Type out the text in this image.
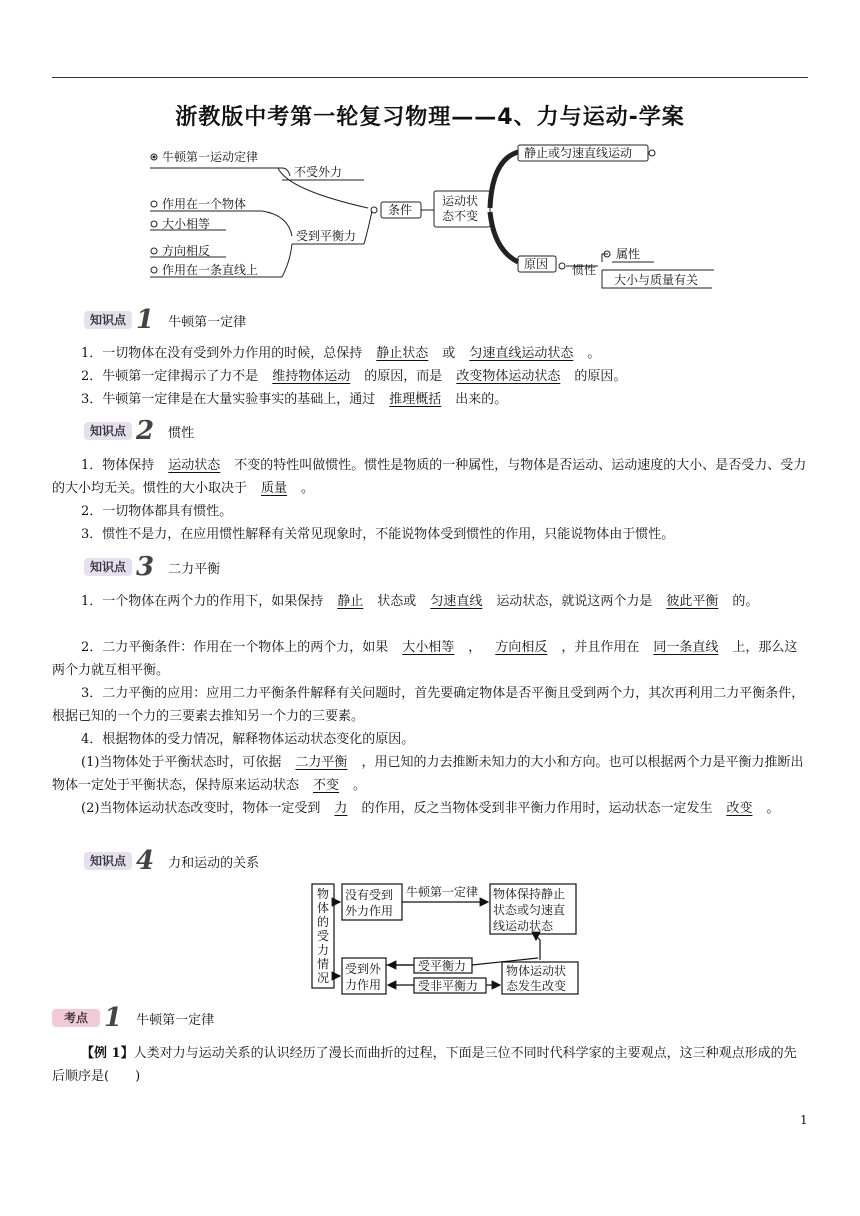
浙教版中考第一轮复习物理——4、力与运动-学案
牛顿第一运动定律
不受外力
作用在一个物体
大小相等
方向相反
作用在一条直线上
受到平衡力
条件
运动状
态不变
静止或匀速直线运动
原因 惯性
属性
大小与质量有关
知识点 1 牛顿第一定律
1．一切物体在没有受到外力作用的时候，总保持 静止状态 或 匀速直线运动状态 。
2．牛顿第一定律揭示了力不是 维持物体运动 的原因，而是 改变物体运动状态 的原因。
3．牛顿第一定律是在大量实验事实的基础上，通过 推理概括 出来的。
知识点 2 惯性
1．物体保持 运动状态 不变的特性叫做惯性。惯性是物质的一种属性，与物体是否运动、运动速度的大小、是否受力、受力的大小均无关。惯性的大小取决于 质量 。
2．一切物体都具有惯性。
3．惯性不是力，在应用惯性解释有关常见现象时，不能说物体受到惯性的作用，只能说物体由于惯性。
知识点 3 二力平衡
1．一个物体在两个力的作用下，如果保持 静止 状态或 匀速直线 运动状态，就说这两个力是 彼此平衡 的。
2．二力平衡条件：作用在一个物体上的两个力，如果 大小相等 ， 方向相反 ，并且作用在 同一条直线 上，那么这两个力就互相平衡。
3．二力平衡的应用：应用二力平衡条件解释有关问题时，首先要确定物体是否平衡且受到两个力，其次再利用二力平衡条件，根据已知的一个力的三要素去推知另一个力的三要素。
4．根据物体的受力情况，解释物体运动状态变化的原因。
(1)当物体处于平衡状态时，可依据 二力平衡 ，用已知的力去推断未知力的大小和方向。也可以根据两个力是平衡力推断出物体一定处于平衡状态，保持原来运动状态 不变 。
(2)当物体运动状态改变时，物体一定受到 力 的作用，反之当物体受到非平衡力作用时，运动状态一定发生 改变 。
知识点 4 力和运动的关系
物
体
的
受
力
情
况
没有受到
外力作用
牛顿第一定律 物体保持静止
状态或匀速直
线运动状态
受到外
力作用
受平衡力
受非平衡力
物体运动状
态发生改变
考点 1 牛顿第一定律
【例 1】人类对力与运动关系的认识经历了漫长而曲折的过程，下面是三位不同时代科学家的主要观点，这三种观点形成的先后顺序是(　　)
1
